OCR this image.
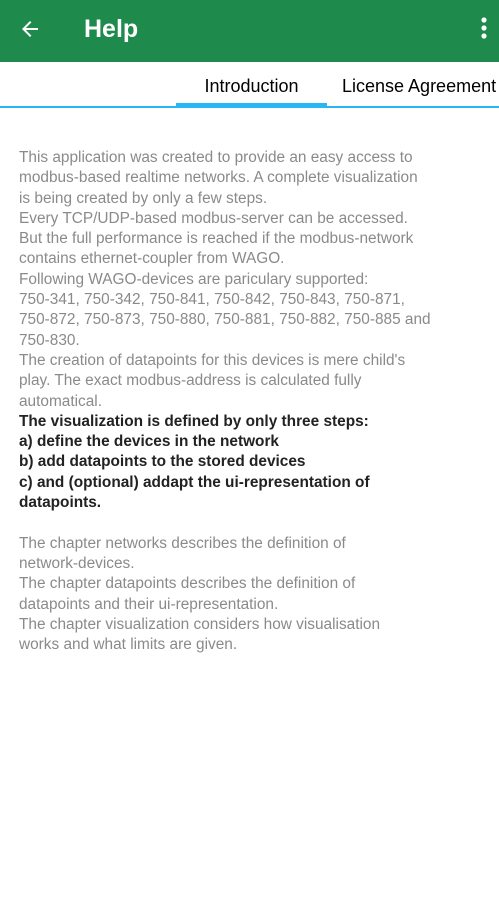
Help
Introduction	License Agreement

This application was created to provide an easy access to

modbus-based realtime networks. A complete visualization

is being created by only a few steps.

Every TCP/UDP-based modbus-server can be accessed.

But the full performance is reached if the modbus-network

contains ethernet-coupler from WAGO.

Following WAGO-devices are pariculary supported:

750-341, 750-342, 750-841, 750-842, 750-843, 750-871,

750-872, 750-873, 750-880, 750-881, 750-882, 750-885 and

750-830.

The creation of datapoints for this devices is mere child's

play. The exact modbus-address is calculated fully

automatical.

The visualization is defined by only three steps:

a) define the devices in the network

b) add datapoints to the stored devices

c) and (optional) addapt the ui-representation of

datapoints.

The chapter networks describes the definition of

network-devices.

The chapter datapoints describes the definition of

datapoints and their ui-representation.

The chapter visualization considers how visualisation

works and what limits are given.
